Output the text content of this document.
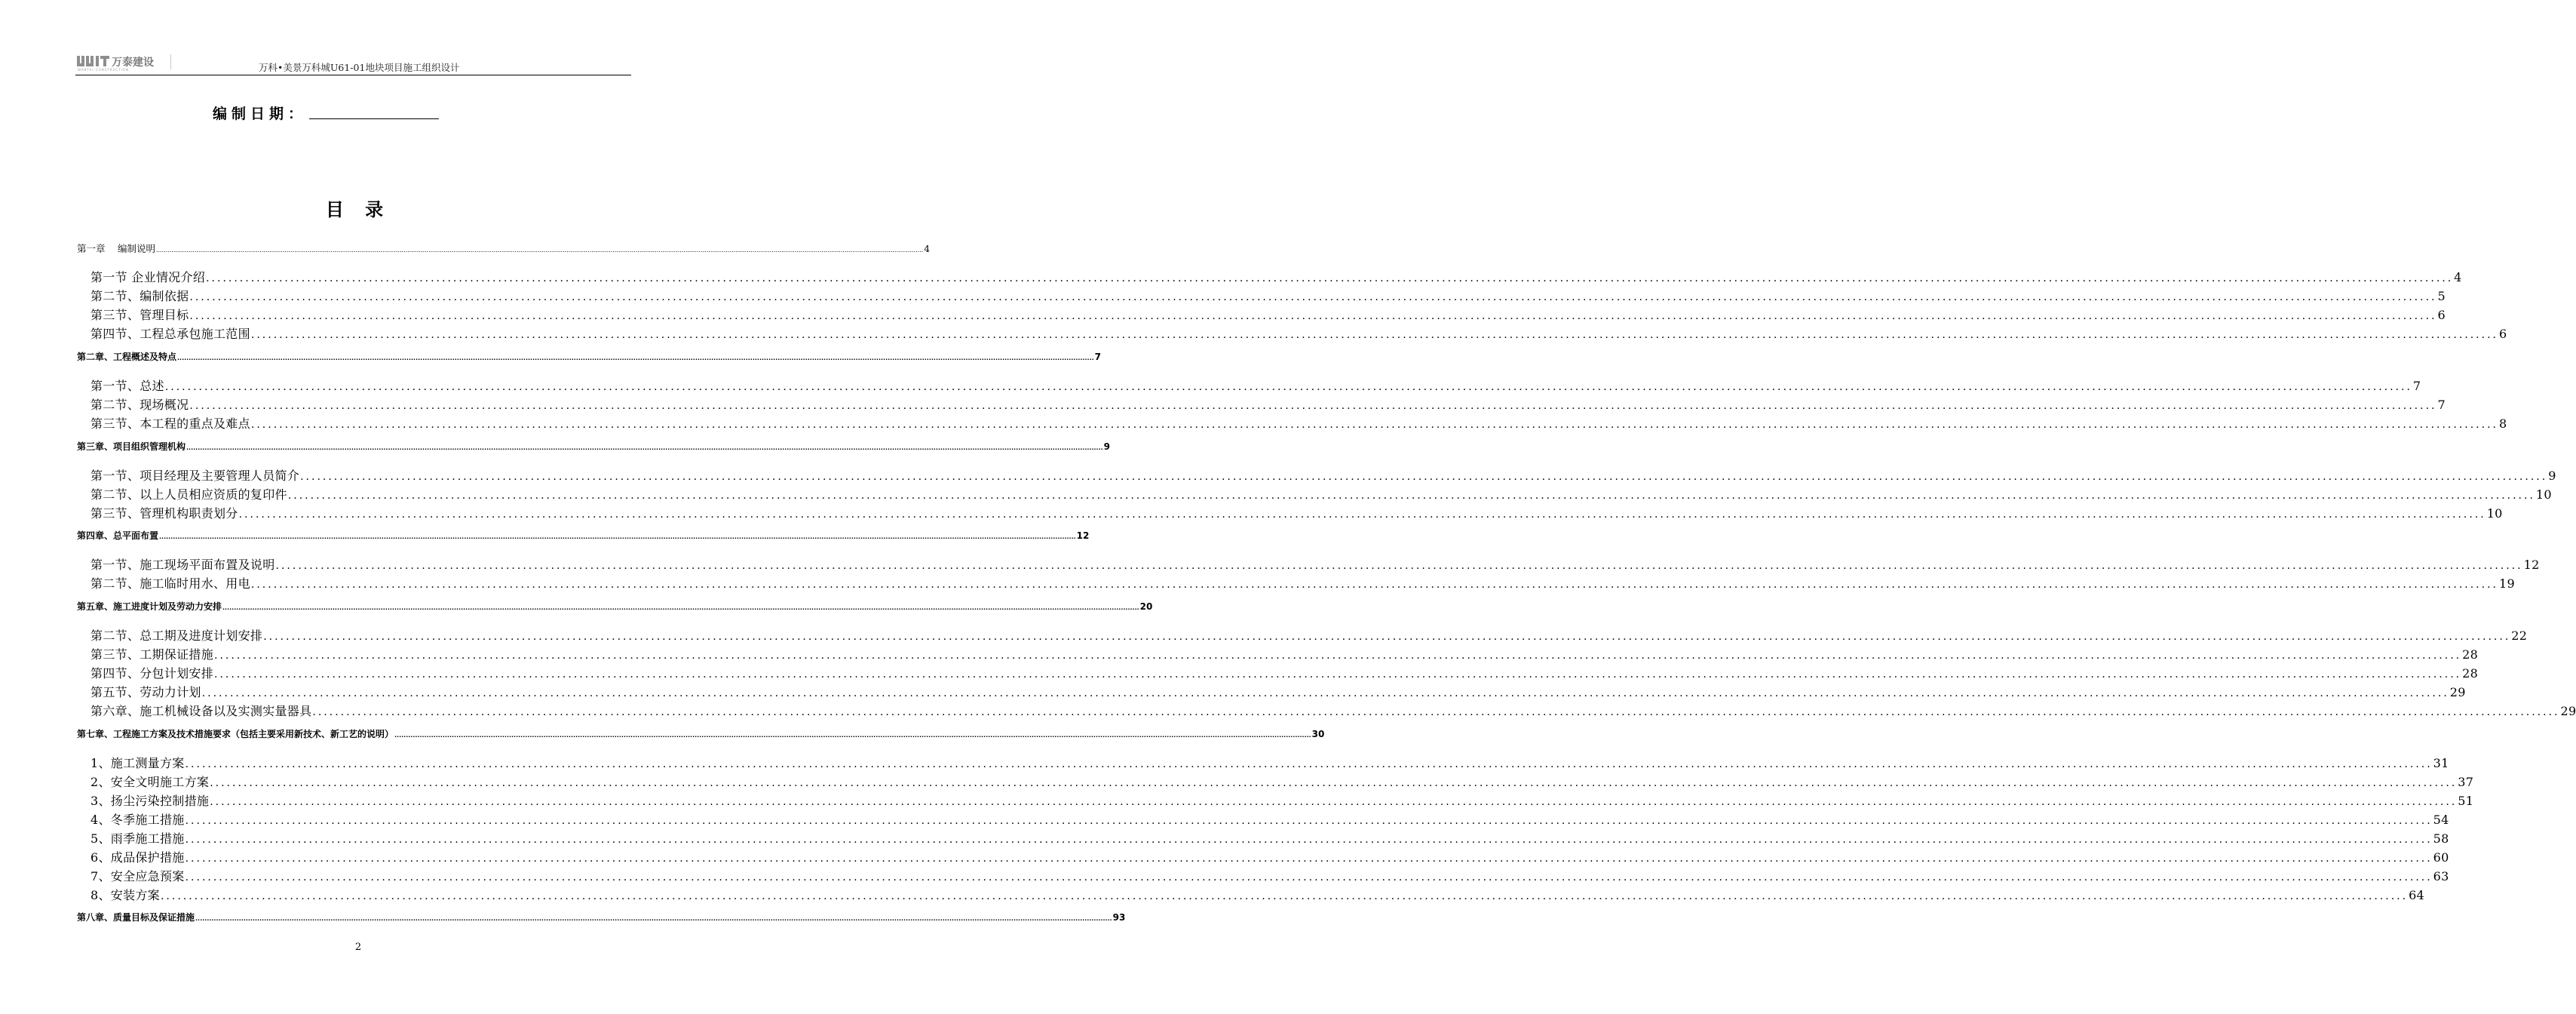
万泰建设
WANTAI CONSTRUCTION	万科•美景万科城U61-01地块项目施工组织设计
编制日期：
目 录
第一章　 编制说明 ................................................................................................................................................................................................................................................................................................................................................................................................................ 4
第一节 企业情况介绍 ................................................................................................................................................................................................................................................................................................................................................................................................................ 4
第二节、编制依据 ................................................................................................................................................................................................................................................................................................................................................................................................................ 5
第三节、管理目标 ................................................................................................................................................................................................................................................................................................................................................................................................................ 6
第四节、工程总承包施工范围 ................................................................................................................................................................................................................................................................................................................................................................................................................ 6
第二章、工程概述及特点 ................................................................................................................................................................................................................................................................................................................................................................................................................ 7
第一节、总述 ................................................................................................................................................................................................................................................................................................................................................................................................................ 7
第二节、现场概况 ................................................................................................................................................................................................................................................................................................................................................................................................................ 7
第三节、本工程的重点及难点 ................................................................................................................................................................................................................................................................................................................................................................................................................ 8
第三章、项目组织管理机构 ................................................................................................................................................................................................................................................................................................................................................................................................................ 9
第一节、项目经理及主要管理人员简介 ................................................................................................................................................................................................................................................................................................................................................................................................................ 9
第二节、以上人员相应资质的复印件 ................................................................................................................................................................................................................................................................................................................................................................................................................ 10
第三节、管理机构职责划分 ................................................................................................................................................................................................................................................................................................................................................................................................................ 10
第四章、总平面布置 ................................................................................................................................................................................................................................................................................................................................................................................................................ 12
第一节、施工现场平面布置及说明 ................................................................................................................................................................................................................................................................................................................................................................................................................ 12
第二节、施工临时用水、用电 ................................................................................................................................................................................................................................................................................................................................................................................................................ 19
第五章、施工进度计划及劳动力安排 ................................................................................................................................................................................................................................................................................................................................................................................................................ 20
第二节、总工期及进度计划安排 ................................................................................................................................................................................................................................................................................................................................................................................................................ 22
第三节、工期保证措施 ................................................................................................................................................................................................................................................................................................................................................................................................................ 28
第四节、分包计划安排 ................................................................................................................................................................................................................................................................................................................................................................................................................ 28
第五节、劳动力计划 ................................................................................................................................................................................................................................................................................................................................................................................................................ 29
第六章、施工机械设备以及实测实量器具 ................................................................................................................................................................................................................................................................................................................................................................................................................ 29
第七章、工程施工方案及技术措施要求（包括主要采用新技术、新工艺的说明） ................................................................................................................................................................................................................................................................................................................................................................................................................ 30
1、施工测量方案 ................................................................................................................................................................................................................................................................................................................................................................................................................ 31
2、安全文明施工方案 ................................................................................................................................................................................................................................................................................................................................................................................................................ 37
3、扬尘污染控制措施 ................................................................................................................................................................................................................................................................................................................................................................................................................ 51
4、冬季施工措施 ................................................................................................................................................................................................................................................................................................................................................................................................................ 54
5、雨季施工措施 ................................................................................................................................................................................................................................................................................................................................................................................................................ 58
6、成品保护措施 ................................................................................................................................................................................................................................................................................................................................................................................................................ 60
7、安全应急预案 ................................................................................................................................................................................................................................................................................................................................................................................................................ 63
8、安装方案 ................................................................................................................................................................................................................................................................................................................................................................................................................ 64
第八章、质量目标及保证措施 ................................................................................................................................................................................................................................................................................................................................................................................................................ 93
2
